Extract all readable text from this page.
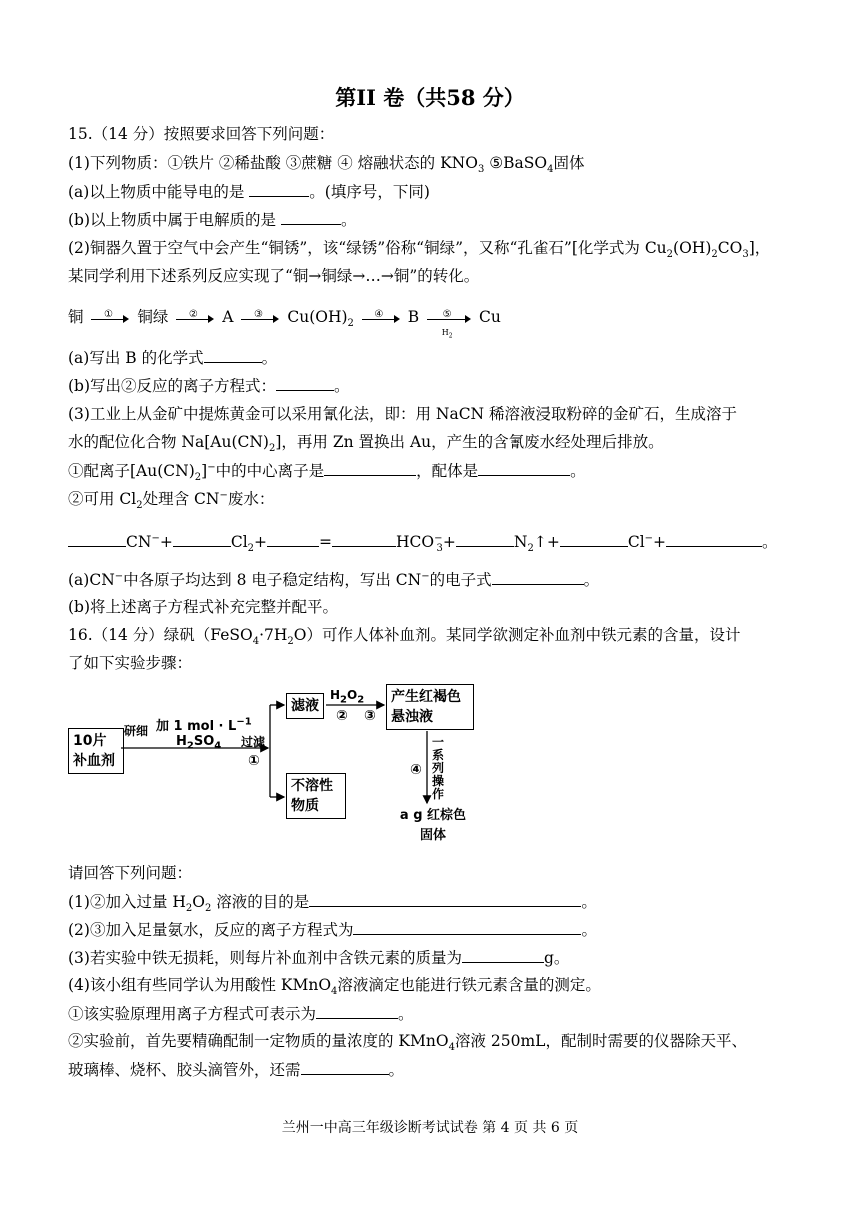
第II 卷（共58 分）
15.（14 分）按照要求回答下列问题：
(1)下列物质：①铁片 ②稀盐酸 ③蔗糖 ④ 熔融状态的 $KNO_3$ ⑤BaSO$_4$固体
(a)以上物质中能导电的是	。(填序号，下同)
(b)以上物质中属于电解质的是	。
(2)铜器久置于空气中会产生“铜锈”，该“绿锈”俗称“铜绿”，又称“孔雀石”[化学式为 $Cu_2(OH)_2CO_3$]，
某同学利用下述系列反应实现了“铜→铜绿→…→铜”的转化。
铜	①	铜绿	②	A	③	$Cu(OH)_2$
④	B	⑤
$H_2$
Cu
(a)写出 B 的化学式	。
(b)写出②反应的离子方程式：	。
(3)工业上从金矿中提炼黄金可以采用氰化法，即：用 NaCN 稀溶液浸取粉碎的金矿石，生成溶于
水的配位化合物 $Na[Au(CN)_2]$，再用 Zn 置换出 Au，产生的含氰废水经处理后排放。
①配离子$[Au(CN)_2]^-$中的中心离子是	，配体是	。
②可用 $Cl_2$处理含 CN−废水：
CN−+	$Cl_2+$	=	$HCO^-_3+$	$N_2↑+$	Cl−+	。
(a)CN−中各原子均达到 8 电子稳定结构，写出 CN−的电子式	。
(b)将上述离子方程式补充完整并配平。
16.（14 分）绿矾$(FeSO_4\cdot 7H_2O)$可作人体补血剂。某同学欲测定补血剂中铁元素的含量，设计
了如下实验步骤：
10片
补血剂
研细 加 1 mol · $L^{-1}$
$H_2SO_4$ 过滤
①
滤液
$H_2O_2$
② ③
产生红褐色
悬浊液
不溶性
物质
④
一系列操作
a g 红棕色
固体
请回答下列问题：
(1)②加入过量 $H_2O_2$ 溶液的目的是	。
(2)③加入足量氨水，反应的离子方程式为	。
(3)若实验中铁无损耗，则每片补血剂中含铁元素的质量为	g。
(4)该小组有些同学认为用酸性 KMnO$_4$溶液滴定也能进行铁元素含量的测定。
①该实验原理用离子方程式可表示为	。
②实验前，首先要精确配制一定物质的量浓度的 KMnO$_4$溶液 250mL，配制时需要的仪器除天平、
玻璃棒、烧杯、胶头滴管外，还需	。
兰州一中高三年级诊断考试试卷 第 4 页 共 6 页
